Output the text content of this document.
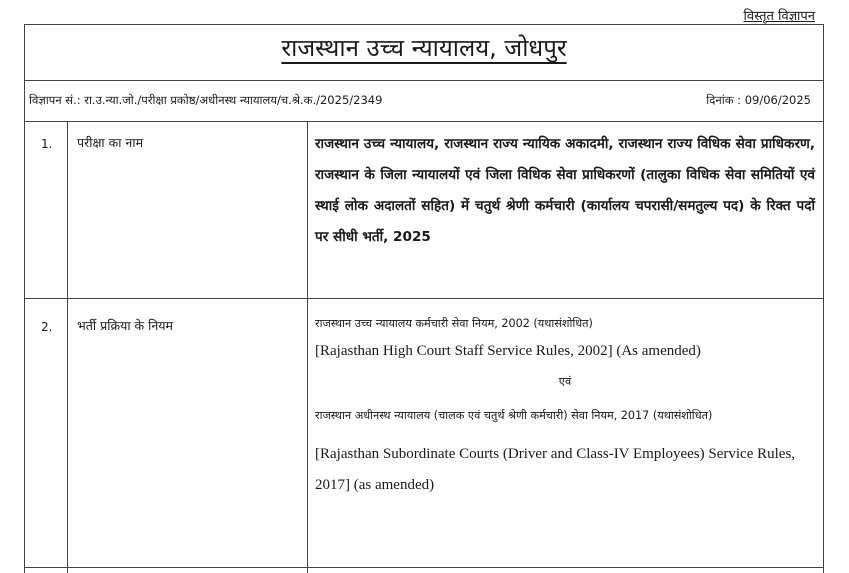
विस्तृत विज्ञापन
राजस्थान उच्च न्यायालय, जोधपुर
विज्ञापन सं.: रा.उ.न्या.जो./परीक्षा प्रकोष्ठ/अधीनस्थ न्यायालय/च.श्रे.क./2025/2349	दिनांक : 09/06/2025
1. परीक्षा का नाम	राजस्थान उच्च न्यायालय, राजस्थान राज्य न्यायिक अकादमी, राजस्थान राज्य विधिक सेवा प्राधिकरण, राजस्थान के जिला न्यायालयों एवं जिला विधिक सेवा प्राधिकरणों (तालुका विधिक सेवा समितियों एवं स्थाई लोक अदालतों सहित) में चतुर्थ श्रेणी कर्मचारी (कार्यालय चपरासी/समतुल्य पद) के रिक्त पदों पर सीधी भर्ती, 2025
2. भर्ती प्रक्रिया के नियम	राजस्थान उच्च न्यायालय कर्मचारी सेवा नियम, 2002 (यथासंशोधित)

[Rajasthan High Court Staff Service Rules, 2002] (As amended)

एवं

राजस्थान अधीनस्थ न्यायालय (चालक एवं चतुर्थ श्रेणी कर्मचारी) सेवा नियम, 2017 (यथासंशोधित)

[Rajasthan Subordinate Courts (Driver and Class-IV Employees) Service Rules, 2017] (as amended)
